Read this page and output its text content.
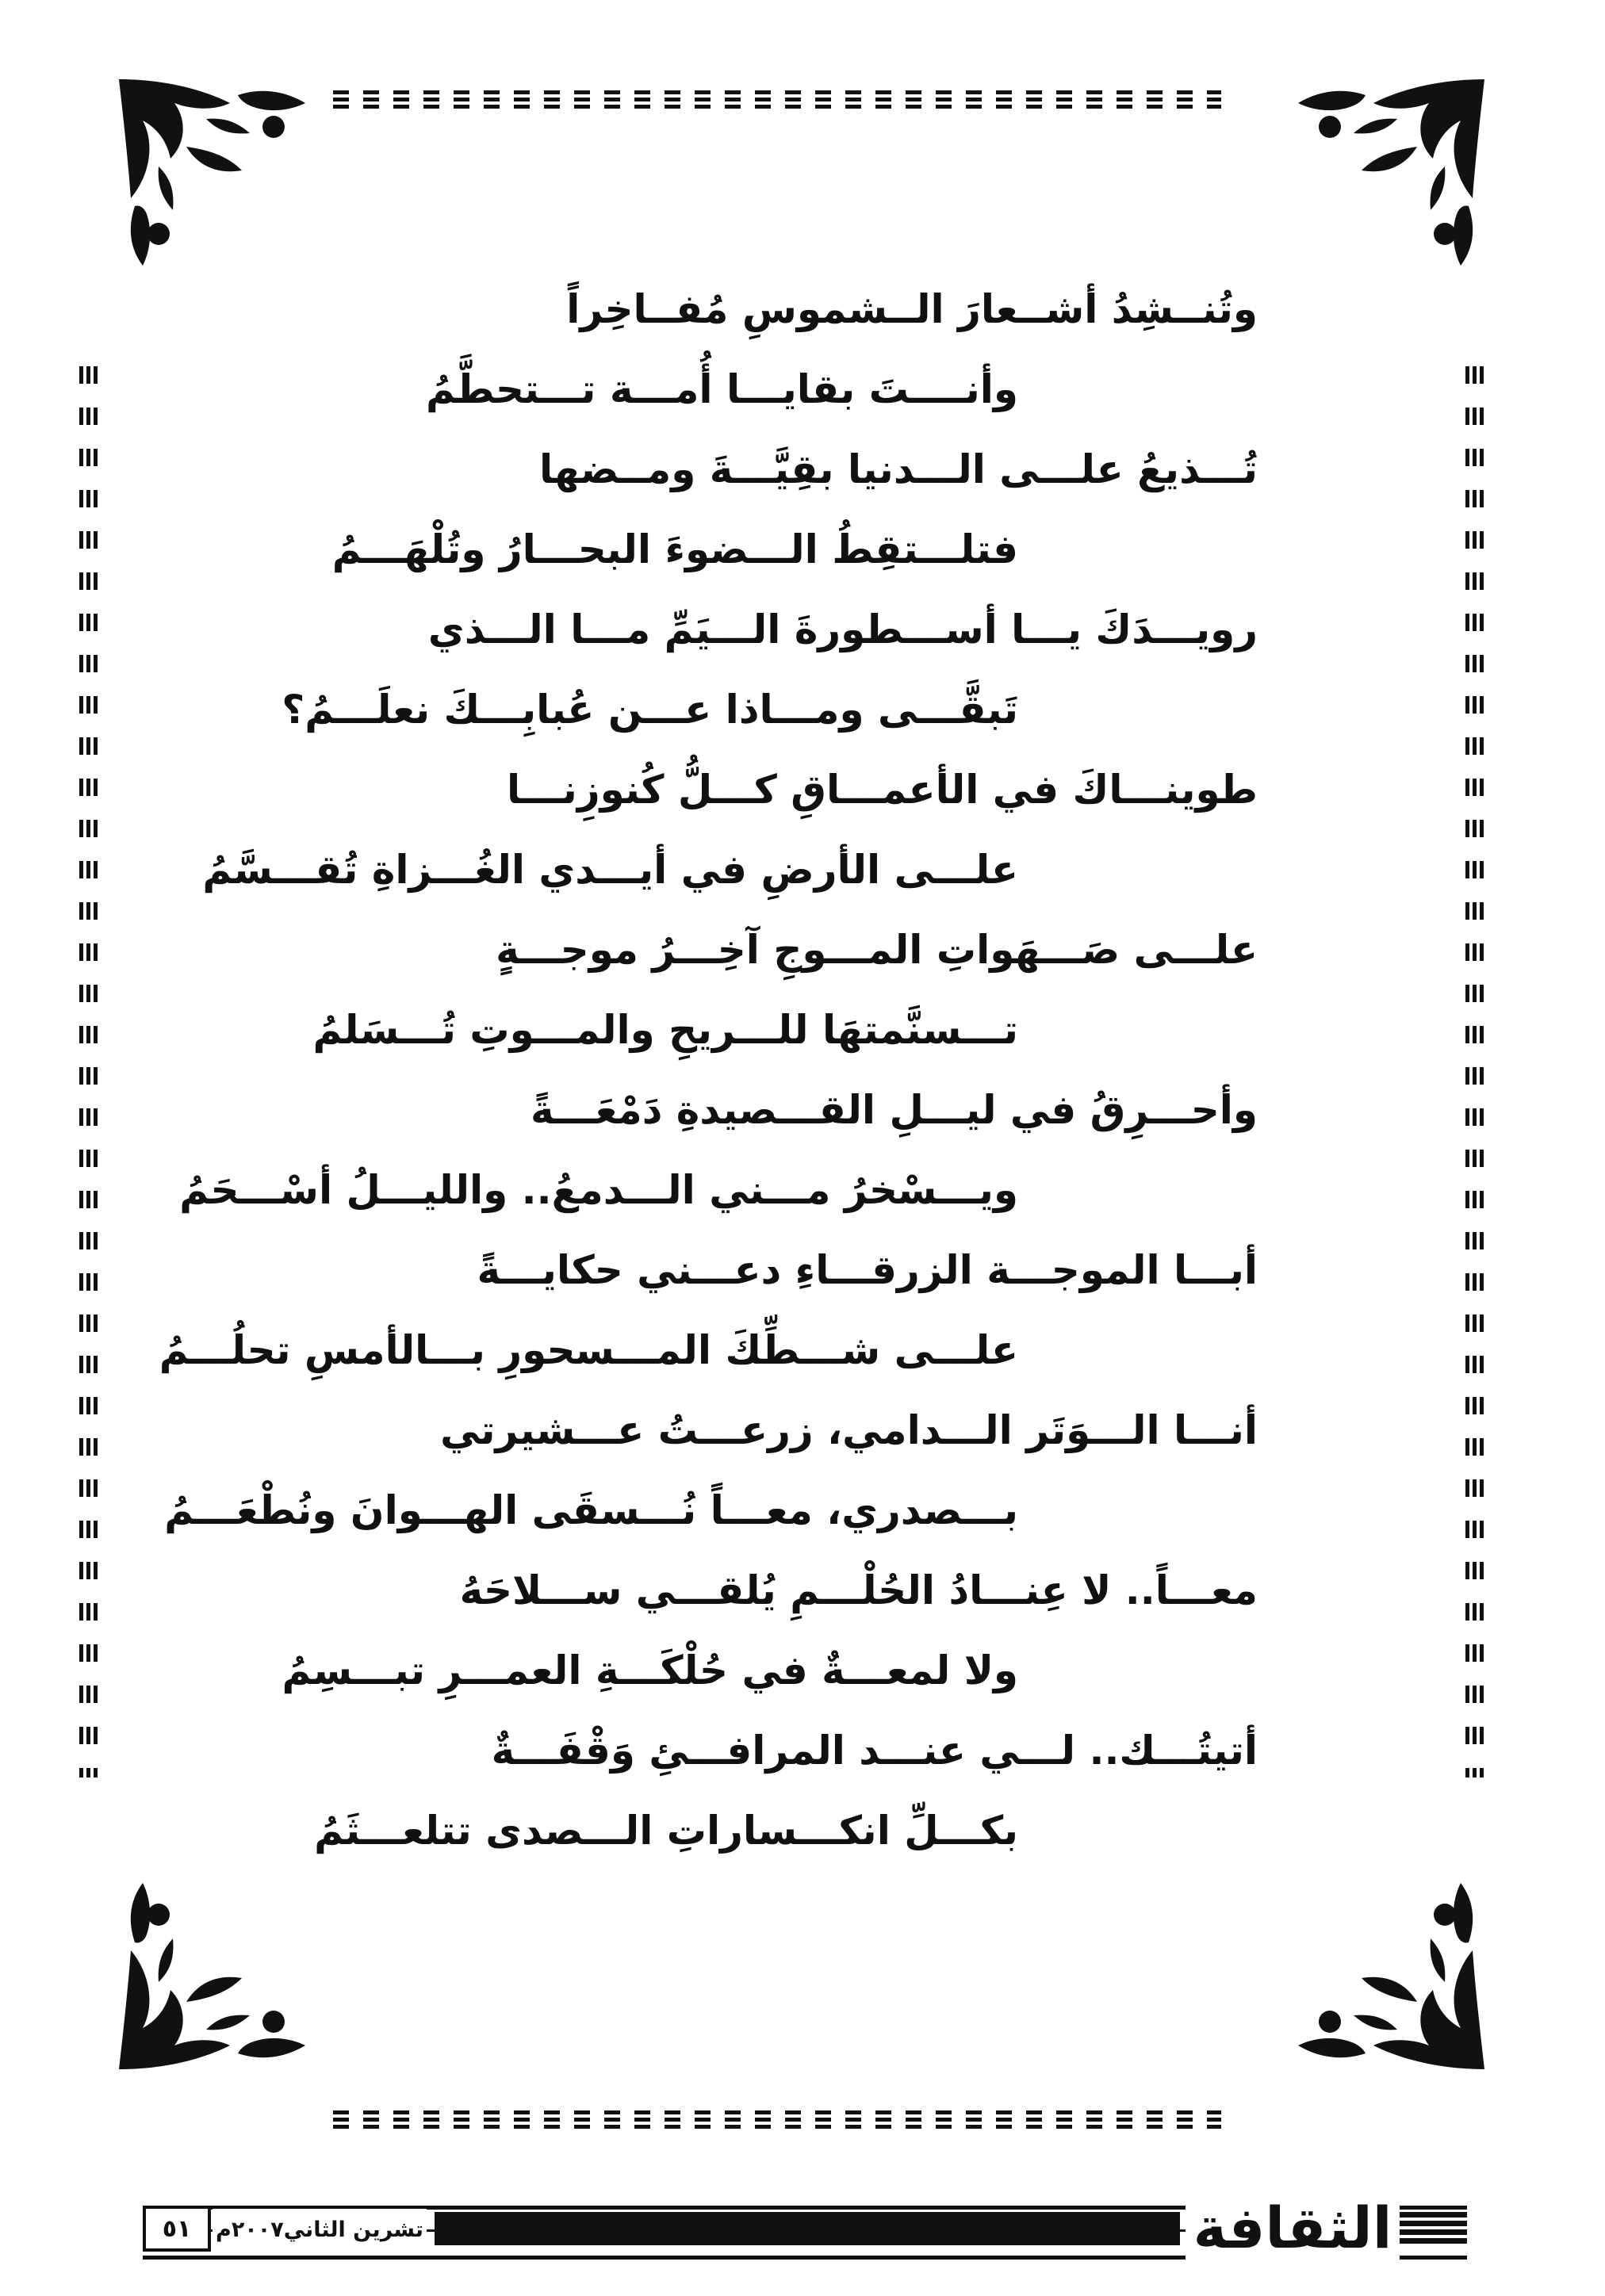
وتُنــشِدُ أشــعارَ الــشموسِ مُفــاخِراً
وأنــــتَ بقايـــا أُمـــة تـــتحطَّمُ
تُـــذيعُ علـــى الـــدنيا بقِيَّـــةَ ومــضها
فتلـــتقِطُ الـــضوءَ البحـــارُ وتُلْهَـــمُ
رويـــدَكَ يـــا أســـطورةَ الـــيَمِّ مـــا الـــذي
تَبقَّـــى ومـــاذا عـــن عُبابِـــكَ نعلَـــمُ؟
طوينـــاكَ في الأعمـــاقِ كـــلُّ كُنوزِنـــا
علـــى الأرضِ في أيـــدي الغُـــزاةِ تُقـــسَّمُ
علـــى صَـــهَواتِ المـــوجِ آخِـــرُ موجـــةٍ
تـــسنَّمتهَا للـــريحِ والمـــوتِ تُـــسَلمُ
وأحـــرِقُ في ليـــلِ القـــصيدةِ دَمْعَـــةً
ويـــسْخرُ مـــني الـــدمعُ.. والليـــلُ أسْـــحَمُ
أبـــا الموجـــة الزرقـــاءِ دعـــني حكايـــةً
علـــى شـــطِّكَ المـــسحورِ بـــالأمسِ تحلُـــمُ
أنـــا الـــوَتَر الـــدامي، زرعـــتُ عـــشيرتي
بـــصدري، معـــاً نُـــسقَى الهـــوانَ ونُطْعَـــمُ
معـــاً.. لا عِنـــادُ الحُلْـــمِ يُلقـــي ســـلاحَهُ
ولا لمعـــةٌ في حُلْكَـــةِ العمـــرِ تبـــسِمُ
أتيتُـــك.. لـــي عنـــد المرافـــئِ وَقْفَـــةٌ
بكـــلِّ انكـــساراتِ الـــصدى تتلعـــثَمُ
الثقافة
تشرين الثاني٢٠٠٧م
٥١
